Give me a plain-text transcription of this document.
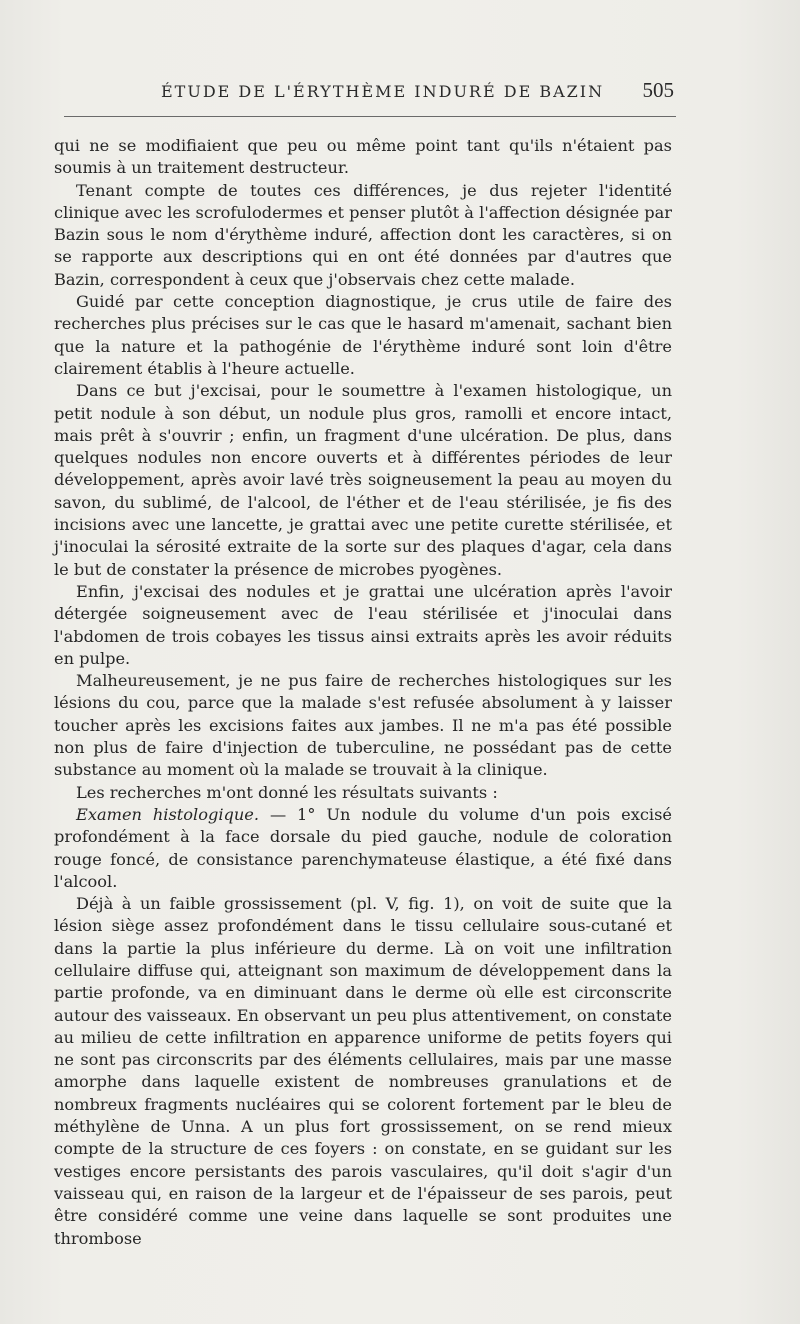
ÉTUDE DE L'ÉRYTHÈME INDURÉ DE BAZIN 505

qui ne se modifiaient que peu ou même point tant qu'ils n'étaient pas soumis à un traitement destructeur.

Tenant compte de toutes ces différences, je dus rejeter l'identité clinique avec les scrofulodermes et penser plutôt à l'affection désignée par Bazin sous le nom d'érythème induré, affection dont les caractères, si on se rapporte aux descriptions qui en ont été données par d'autres que Bazin, correspondent à ceux que j'observais chez cette malade.

Guidé par cette conception diagnostique, je crus utile de faire des recherches plus précises sur le cas que le hasard m'amenait, sachant bien que la nature et la pathogénie de l'érythème induré sont loin d'être clairement établis à l'heure actuelle.

Dans ce but j'excisai, pour le soumettre à l'examen histologique, un petit nodule à son début, un nodule plus gros, ramolli et encore intact, mais prêt à s'ouvrir ; enfin, un fragment d'une ulcération. De plus, dans quelques nodules non encore ouverts et à différentes périodes de leur développement, après avoir lavé très soigneusement la peau au moyen du savon, du sublimé, de l'alcool, de l'éther et de l'eau stérilisée, je fis des incisions avec une lancette, je grattai avec une petite curette stérilisée, et j'inoculai la sérosité extraite de la sorte sur des plaques d'agar, cela dans le but de constater la présence de microbes pyogènes.

Enfin, j'excisai des nodules et je grattai une ulcération après l'avoir détergée soigneusement avec de l'eau stérilisée et j'inoculai dans l'abdomen de trois cobayes les tissus ainsi extraits après les avoir réduits en pulpe.

Malheureusement, je ne pus faire de recherches histologiques sur les lésions du cou, parce que la malade s'est refusée absolument à y laisser toucher après les excisions faites aux jambes. Il ne m'a pas été possible non plus de faire d'injection de tuberculine, ne possédant pas de cette substance au moment où la malade se trouvait à la clinique.

Les recherches m'ont donné les résultats suivants :

Examen histologique. — 1° Un nodule du volume d'un pois excisé profondément à la face dorsale du pied gauche, nodule de coloration rouge foncé, de consistance parenchymateuse élastique, a été fixé dans l'alcool.

Déjà à un faible grossissement (pl. V, fig. 1), on voit de suite que la lésion siège assez profondément dans le tissu cellulaire sous-cutané et dans la partie la plus inférieure du derme. Là on voit une infiltration cellulaire diffuse qui, atteignant son maximum de développement dans la partie profonde, va en diminuant dans le derme où elle est circonscrite autour des vaisseaux. En observant un peu plus attentivement, on constate au milieu de cette infiltration en apparence uniforme de petits foyers qui ne sont pas circonscrits par des éléments cellulaires, mais par une masse amorphe dans laquelle existent de nombreuses granulations et de nombreux fragments nucléaires qui se colorent fortement par le bleu de méthylène de Unna. A un plus fort grossissement, on se rend mieux compte de la structure de ces foyers : on constate, en se guidant sur les vestiges encore persistants des parois vasculaires, qu'il doit s'agir d'un vaisseau qui, en raison de la largeur et de l'épaisseur de ses parois, peut être considéré comme une veine dans laquelle se sont produites une thrombose
